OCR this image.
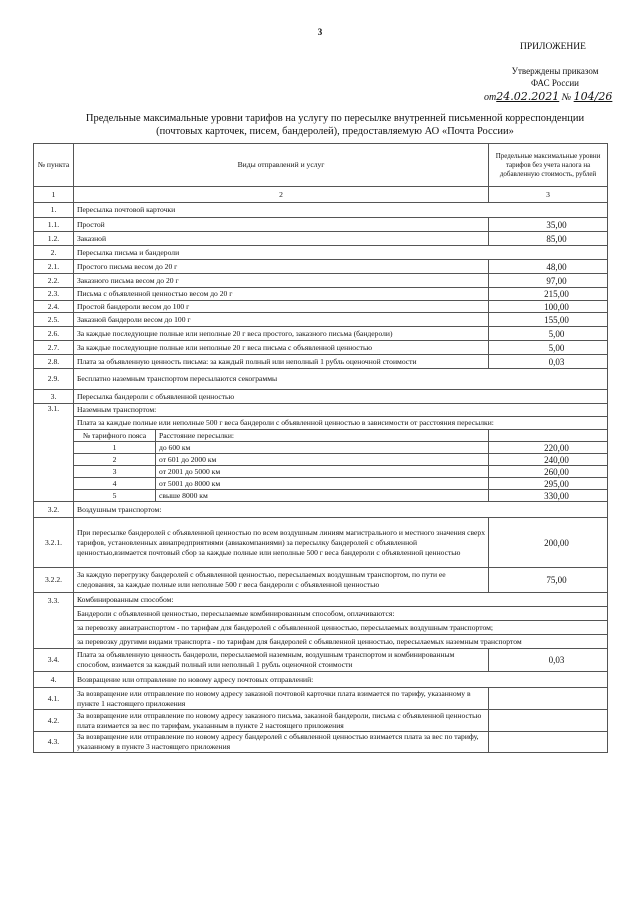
3
ПРИЛОЖЕНИЕ
Утверждены приказом
ФАС России
от24.02.2021 № 104/26
Предельные максимальные уровни тарифов на услугу по пересылке внутренней письменной корреспонденции
(почтовых карточек, писем, бандеролей), предоставляемую АО «Почта России»
№ пункта	Виды отправлений и услуг		Предельные максимальные уровни тарифов без учета налога на добавленную стоимость, рублей
1	2		3
1.	Пересылка почтовой карточки		
1.1.	Простой		35,00
1.2.	Заказной		85,00
2.	Пересылка письма и бандероли		
2.1.	Простого письма весом до 20 г		48,00
2.2.	Заказного письма весом до 20 г		97,00
2.3.	Письма с объявленной ценностью весом до 20 г		215,00
2.4.	Простой бандероли весом до 100 г		100,00
2.5.	Заказной бандероли весом до 100 г		155,00
2.6.	За каждые последующие полные или неполные 20 г веса простого, заказного письма (бандероли)		5,00
2.7.	За каждые последующие полные или неполные 20 г веса письма с объявленной ценностью		5,00
2.8.	Плата за объявленную ценность письма: за каждый полный или неполный 1 рубль оценочной стоимости		0,03
2.9.	Бесплатно наземным транспортом пересылаются секограммы		
3.	Пересылка бандероли с объявленной ценностью		
3.1.	Наземным транспортом:		
	Плата за каждые полные или неполные 500 г веса бандероли с объявленной ценностью в зависимости от расстояния пересылки:		
	№ тарифного пояса	Расстояние пересылки:	
	1	до 600 км	220,00
	2	от 601 до 2000 км	240,00
	3	от 2001 до 5000 км	260,00
	4	от 5001 до 8000 км	295,00
	5	свыше 8000 км	330,00
3.2.	Воздушным транспортом:		
3.2.1.	При пересылке бандеролей с объявленной ценностью по всем воздушным линиям магистрального и местного значения сверх тарифов, установленных авиапредприятиями (авиакомпаниями) за пересылку бандеролей с объявленной ценностью,взимается почтовый сбор за каждые полные или неполные 500 г веса бандероли с объявленной ценностью		200,00
3.2.2.	За каждую перегрузку бандеролей с объявленной ценностью, пересылаемых воздушным транспортом, по пути ее следования, за каждые полные или неполные 500 г веса бандероли с объявленной ценностью		75,00
3.3.	Комбинированным способом:		
	Бандероли с объявленной ценностью, пересылаемые комбинированным способом, оплачиваются:		
	за перевозку авиатранспортом - по тарифам для бандеролей с объявленной ценностью, пересылаемых воздушным транспортом;		
	за перевозку другими видами транспорта - по тарифам для бандеролей с объявленной ценностью, пересылаемых наземным транспортом		
3.4.	Плата за объявленную ценность бандероли, пересылаемой наземным, воздушным транспортом и комбинированным способом, взимается за каждый полный или неполный 1 рубль оценочной стоимости		0,03
4.	Возвращение или отправление по новому адресу почтовых отправлений:		
4.1.	За возвращение или отправление по новому адресу заказной почтовой карточки плата взимается по тарифу, указанному в пункте 1 настоящего приложения		
4.2.	За возвращение или отправление по новому адресу заказного письма, заказной бандероли, письма с объявленной ценностью плата взимается за вес по тарифам, указанным в пункте 2 настоящего приложения		
4.3.	За возвращение или отправление по новому адресу бандеролей с объявленной ценностью взимается плата за вес по тарифу, указанному в пункте 3 настоящего приложения		
